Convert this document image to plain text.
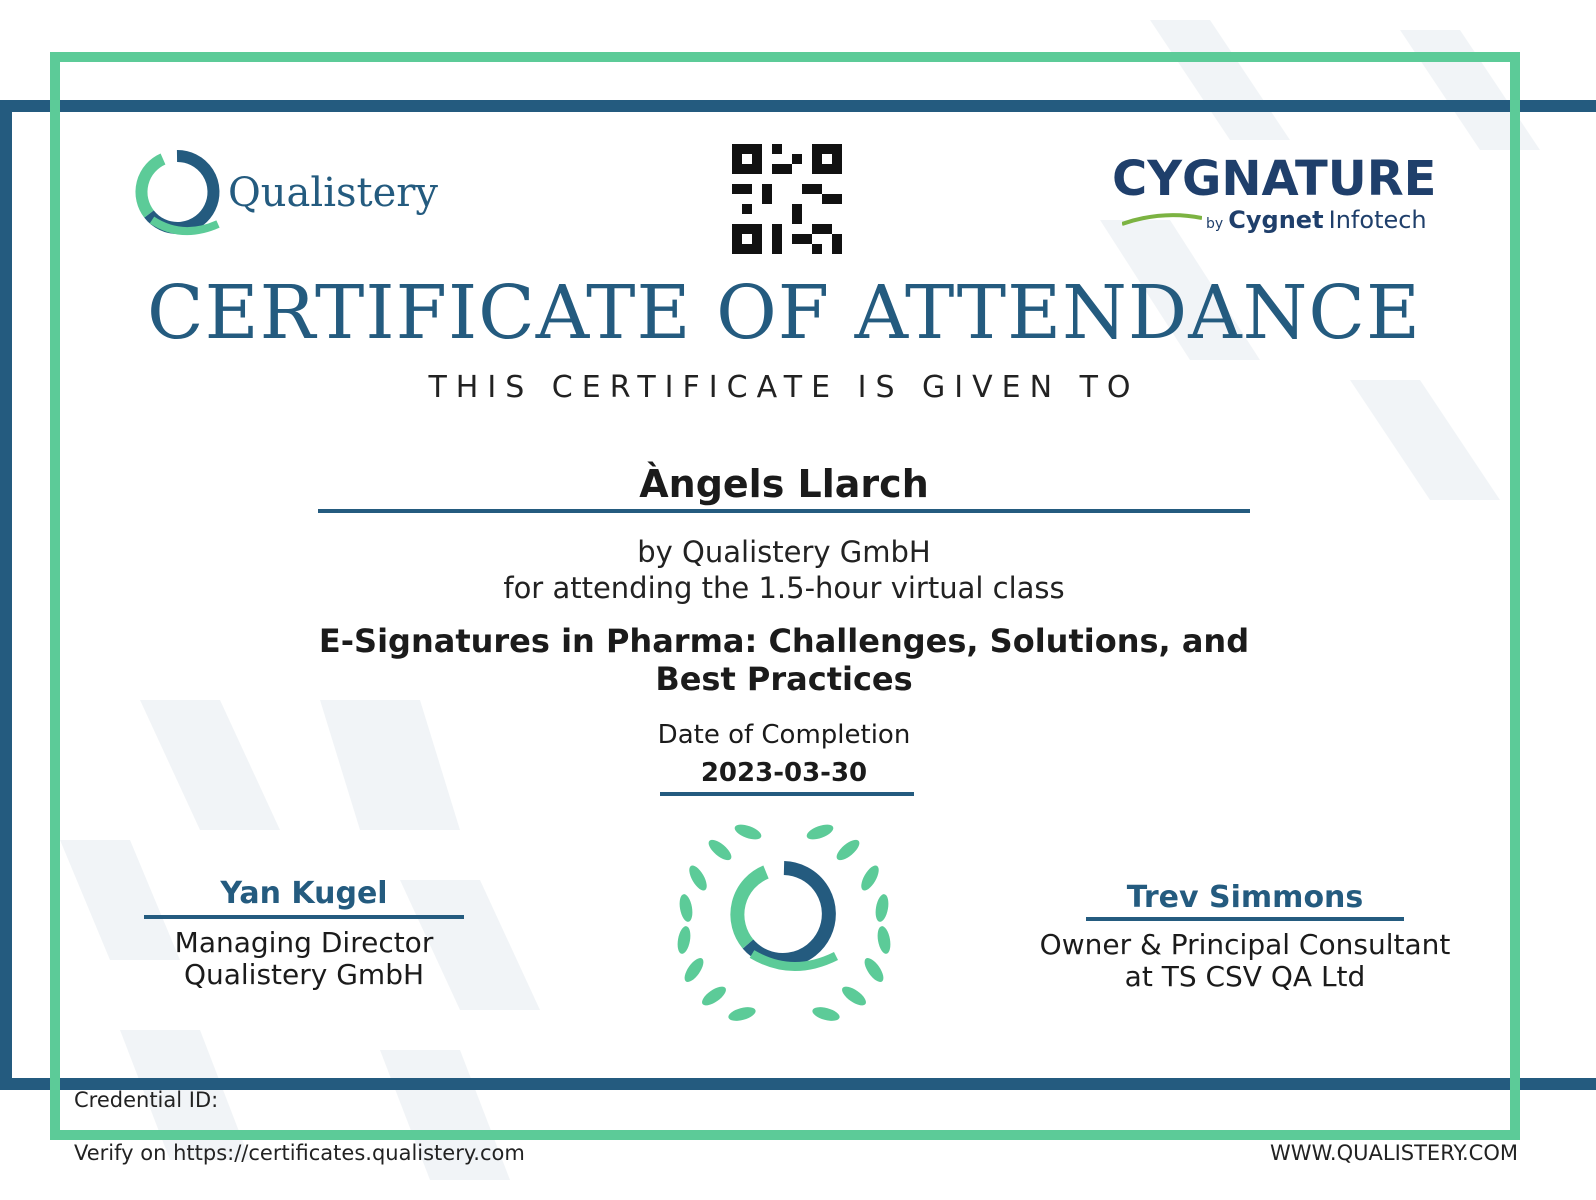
Qualistery	CYGNATURE
by Cygnet Infotech
CERTIFICATE OF ATTENDANCE
THIS CERTIFICATE IS GIVEN TO
Àngels Llarch
by Qualistery GmbH
for attending the 1.5-hour virtual class
E-Signatures in Pharma: Challenges, Solutions, and
Best Practices
Date of Completion
2023-03-30
Yan Kugel
Managing Director
Qualistery GmbH
Trev Simmons
Owner & Principal Consultant
at TS CSV QA Ltd
Credential ID:
Verify on https://certificates.qualistery.com	WWW.QUALISTERY.COM
